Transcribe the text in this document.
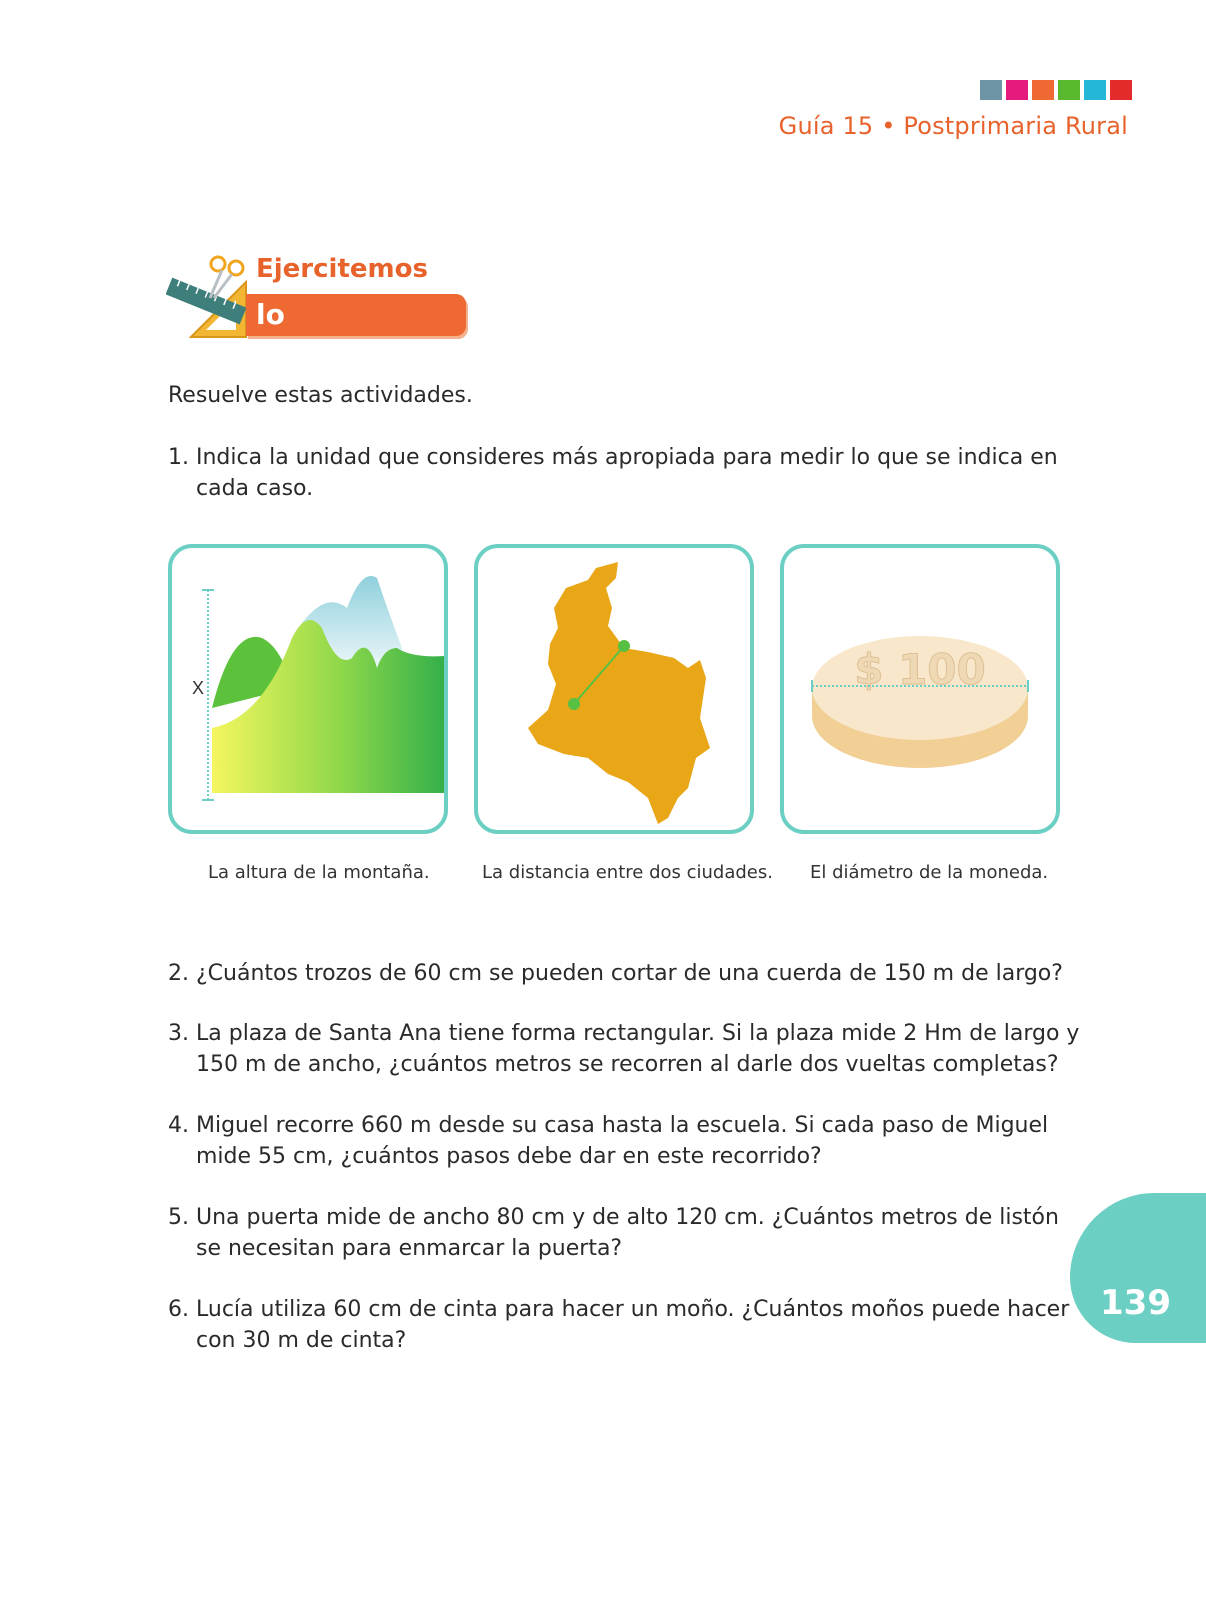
Guía 15 • Postprimaria Rural
Ejercitemos
lo aprendido
Resuelve estas actividades.
1. Indica la unidad que consideres más apropiada para medir lo que se indica en cada caso.
X	$ 100
La altura de la montaña.	La distancia entre dos ciudades. El diámetro de la moneda.
2. ¿Cuántos trozos de 60 cm se pueden cortar de una cuerda de 150 m de largo?
3. La plaza de Santa Ana tiene forma rectangular. Si la plaza mide 2 Hm de largo y 150 m de ancho, ¿cuántos metros se recorren al darle dos vueltas completas?
4. Miguel recorre 660 m desde su casa hasta la escuela. Si cada paso de Miguel mide 55 cm, ¿cuántos pasos debe dar en este recorrido?
5. Una puerta mide de ancho 80 cm y de alto 120 cm. ¿Cuántos metros de listón se necesitan para enmarcar la puerta?
6. Lucía utiliza 60 cm de cinta para hacer un moño. ¿Cuántos moños puede hacer con 30 m de cinta?
139
